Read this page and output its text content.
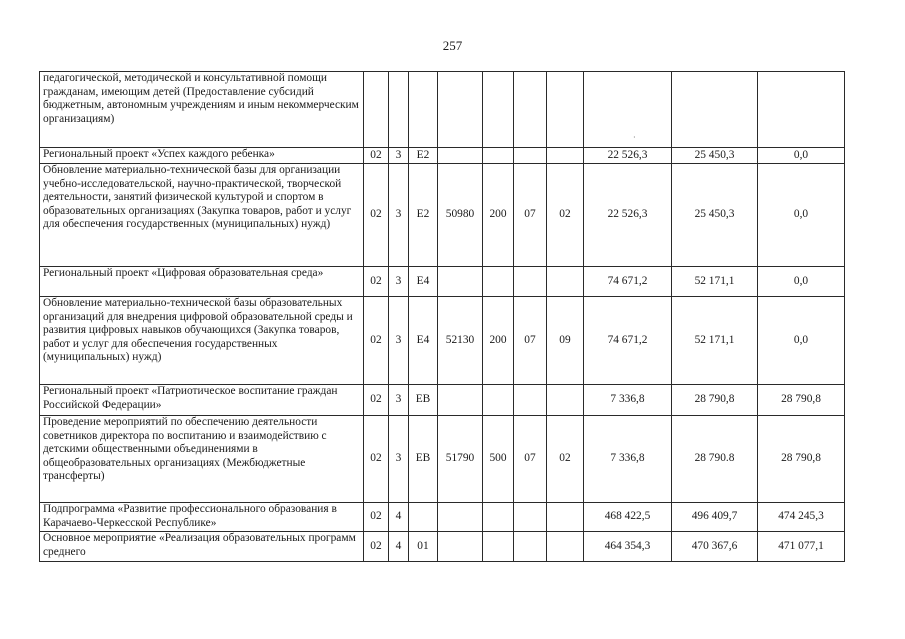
257
педагогической, методической и консультативной помощи гражданам, имеющим детей (Предоставление субсидий бюджетным, автономным учреждениям и иным некоммерческим организациям)										
Региональный проект «Успех каждого ребенка»	02	3	E2					22 526,3	25 450,3	0,0
Обновление материально-технической базы для организации учебно-исследовательской, научно-практической, творческой деятельности, занятий физической культурой и спортом в образовательных организациях (Закупка товаров, работ и услуг для обеспечения государственных (муниципальных) нужд)	02	3	E2	50980	200	07	02	22 526,3	25 450,3	0,0
Региональный проект «Цифровая образовательная среда»	02	3	E4					74 671,2	52 171,1	0,0
Обновление материально-технической базы образовательных организаций для внедрения цифровой образовательной среды и развития цифровых навыков обучающихся (Закупка товаров, работ и услуг для обеспечения государственных (муниципальных) нужд)	02	3	E4	52130	200	07	09	74 671,2	52 171,1	0,0
Региональный проект «Патриотическое воспитание граждан Российской Федерации»	02	3	EB					7 336,8	28 790,8	28 790,8
Проведение мероприятий по обеспечению деятельности советников директора по воспитанию и взаимодействию с детскими общественными объединениями в общеобразовательных организациях (Межбюджетные трансферты)	02	3	EB	51790	500	07	02	7 336,8	28 790.8	28 790,8
Подпрограмма «Развитие профессионального образования в Карачаево-Черкесской Республике»	02	4						468 422,5	496 409,7	474 245,3
Основное мероприятие «Реализация образовательных программ среднего	02	4	01					464 354,3	470 367,6	471 077,1
·
